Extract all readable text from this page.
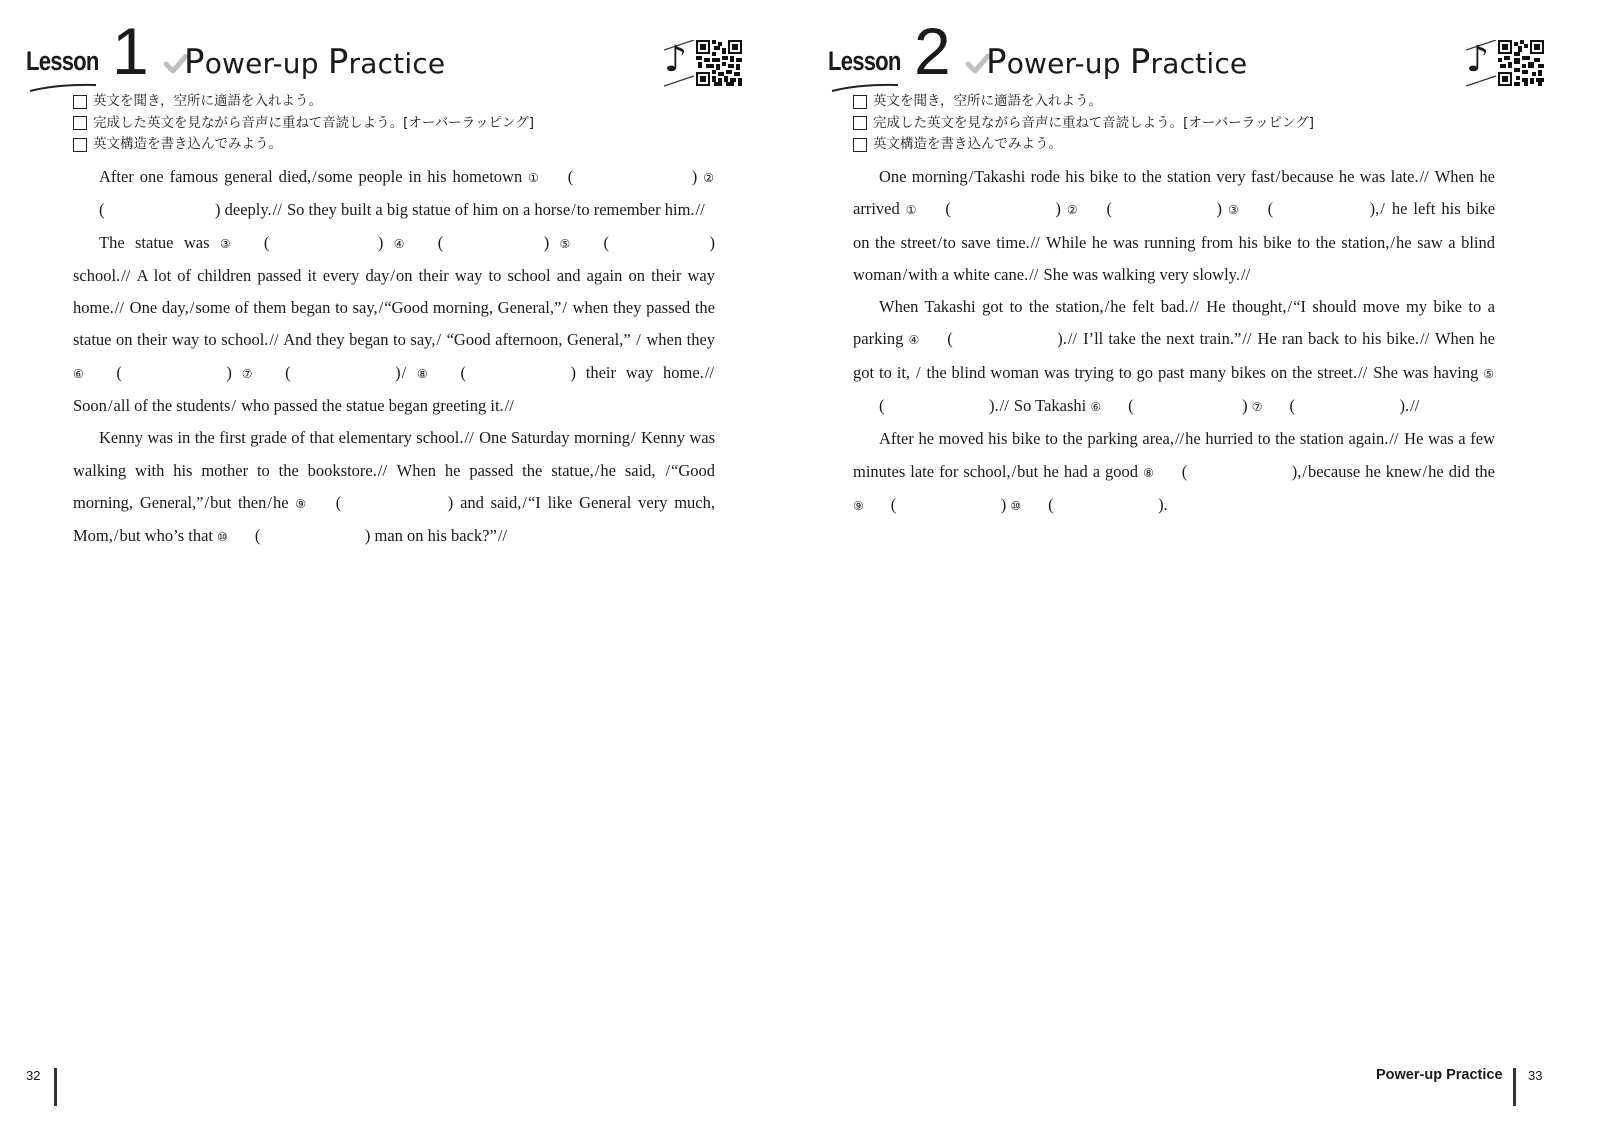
Lesson 1 Power-up Practice	♪
英文を聞き，空所に適語を入れよう。
完成した英文を見ながら音声に重ねて音読しよう。[オーバーラッピング]
英文構造を書き込んでみよう。

After one famous general died,/some people in his hometown ① (	) ②(	) deeply.// So they built a big statue of him on a horse/to remember him.//

The statue was ③ (	) ④ (	) ⑤ (	) school.// A lot of children passed it every day/on their way to school and again on their way home.// One day,/some of them began to say,/“Good morning, General,”/ when they passed the statue on their way to school.// And they began to say,/ “Good afternoon, General,” / when they ⑥ (	) ⑦ (	)/ ⑧ (	) their way home.// Soon/all of the students/ who passed the statue began greeting it.//

Kenny was in the first grade of that elementary school.// One Saturday morning/ Kenny was walking with his mother to the bookstore.// When he passed the statue,/he said, /“Good morning, General,”/but then/he ⑨ (	) and said,/“I like General very much, Mom,/but who’s that ⑩ (	) man on his back?”//

32
Lesson 2 Power-up Practice	♪
英文を聞き，空所に適語を入れよう。
完成した英文を見ながら音声に重ねて音読しよう。[オーバーラッピング]
英文構造を書き込んでみよう。

One morning/Takashi rode his bike to the station very fast/because he was late.// When he arrived ① (	) ② (	) ③ (	),/ he left his bike on the street/to save time.// While he was running from his bike to the station,/he saw a blind woman/with a white cane.// She was walking very slowly.//

When Takashi got to the station,/he felt bad.// He thought,/“I should move my bike to a parking ④ (	).// I’ll take the next train.”// He ran back to his bike.// When he got to it, / the blind woman was trying to go past many bikes on the street.// She was having ⑤(	).// So Takashi ⑥ (	) ⑦ (	).//

After he moved his bike to the parking area,//he hurried to the station again.// He was a few minutes late for school,/but he had a good ⑧ (	),/because he knew/he did the ⑨ (	) ⑩ (	).

Power-up Practice 33
